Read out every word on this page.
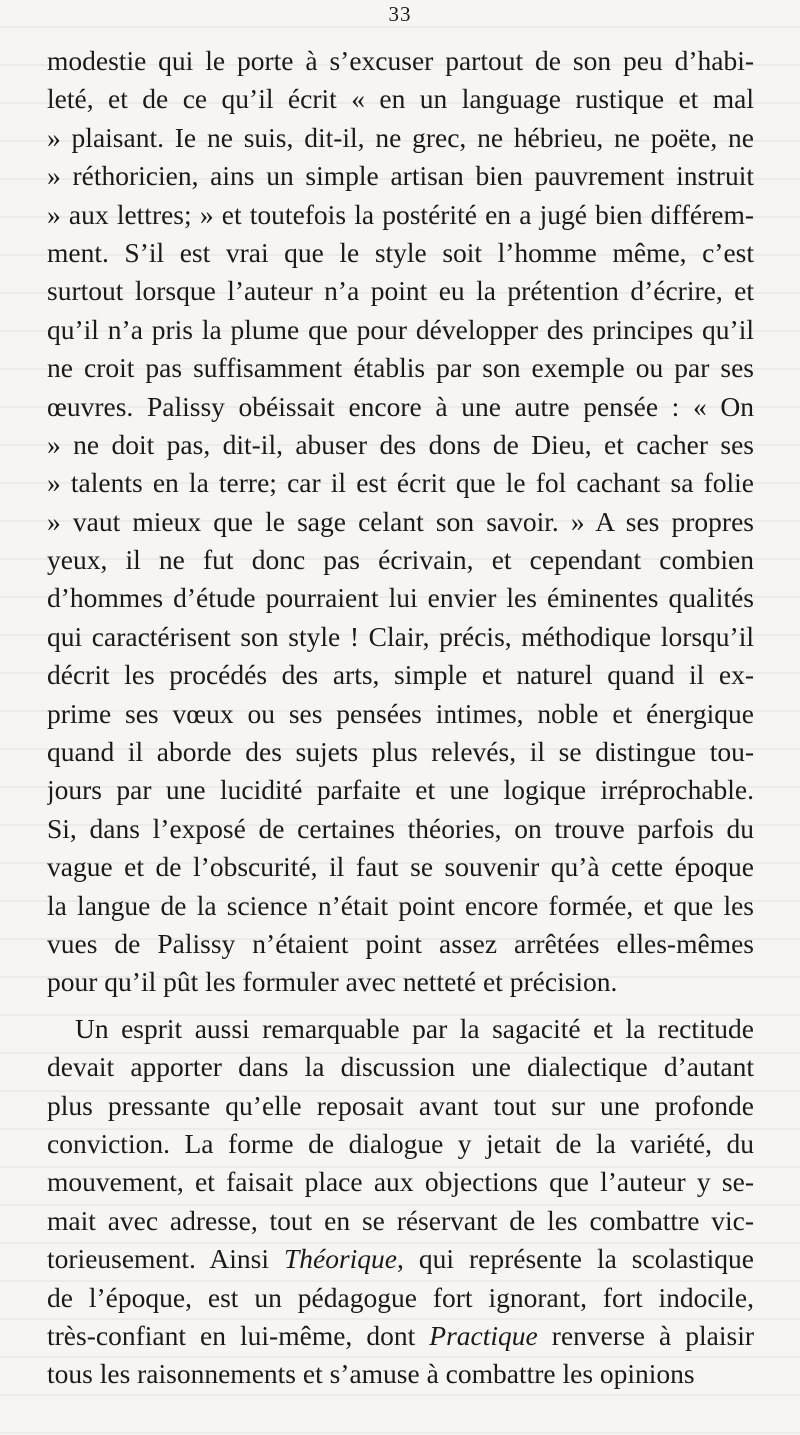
33
modestie qui le porte à s’excuser partout de son peu d’habi-
leté, et de ce qu’il écrit « en un language rustique et mal
» plaisant. Ie ne suis, dit-il, ne grec, ne hébrieu, ne poëte, ne
» réthoricien, ains un simple artisan bien pauvrement instruit
» aux lettres; » et toutefois la postérité en a jugé bien différem-
ment. S’il est vrai que le style soit l’homme même, c’est
surtout lorsque l’auteur n’a point eu la prétention d’écrire, et
qu’il n’a pris la plume que pour développer des principes qu’il
ne croit pas suffisamment établis par son exemple ou par ses
œuvres. Palissy obéissait encore à une autre pensée : « On
» ne doit pas, dit-il, abuser des dons de Dieu, et cacher ses
» talents en la terre; car il est écrit que le fol cachant sa folie
» vaut mieux que le sage celant son savoir. » A ses propres
yeux, il ne fut donc pas écrivain, et cependant combien
d’hommes d’étude pourraient lui envier les éminentes qualités
qui caractérisent son style ! Clair, précis, méthodique lorsqu’il
décrit les procédés des arts, simple et naturel quand il ex-
prime ses vœux ou ses pensées intimes, noble et énergique
quand il aborde des sujets plus relevés, il se distingue tou-
jours par une lucidité parfaite et une logique irréprochable.
Si, dans l’exposé de certaines théories, on trouve parfois du
vague et de l’obscurité, il faut se souvenir qu’à cette époque
la langue de la science n’était point encore formée, et que les
vues de Palissy n’étaient point assez arrêtées elles-mêmes
pour qu’il pût les formuler avec netteté et précision.
Un esprit aussi remarquable par la sagacité et la rectitude
devait apporter dans la discussion une dialectique d’autant
plus pressante qu’elle reposait avant tout sur une profonde
conviction. La forme de dialogue y jetait de la variété, du
mouvement, et faisait place aux objections que l’auteur y se-
mait avec adresse, tout en se réservant de les combattre vic-
torieusement. Ainsi Théorique, qui représente la scolastique
de l’époque, est un pédagogue fort ignorant, fort indocile,
très-confiant en lui-même, dont Practique renverse à plaisir
tous les raisonnements et s’amuse à combattre les opinions
